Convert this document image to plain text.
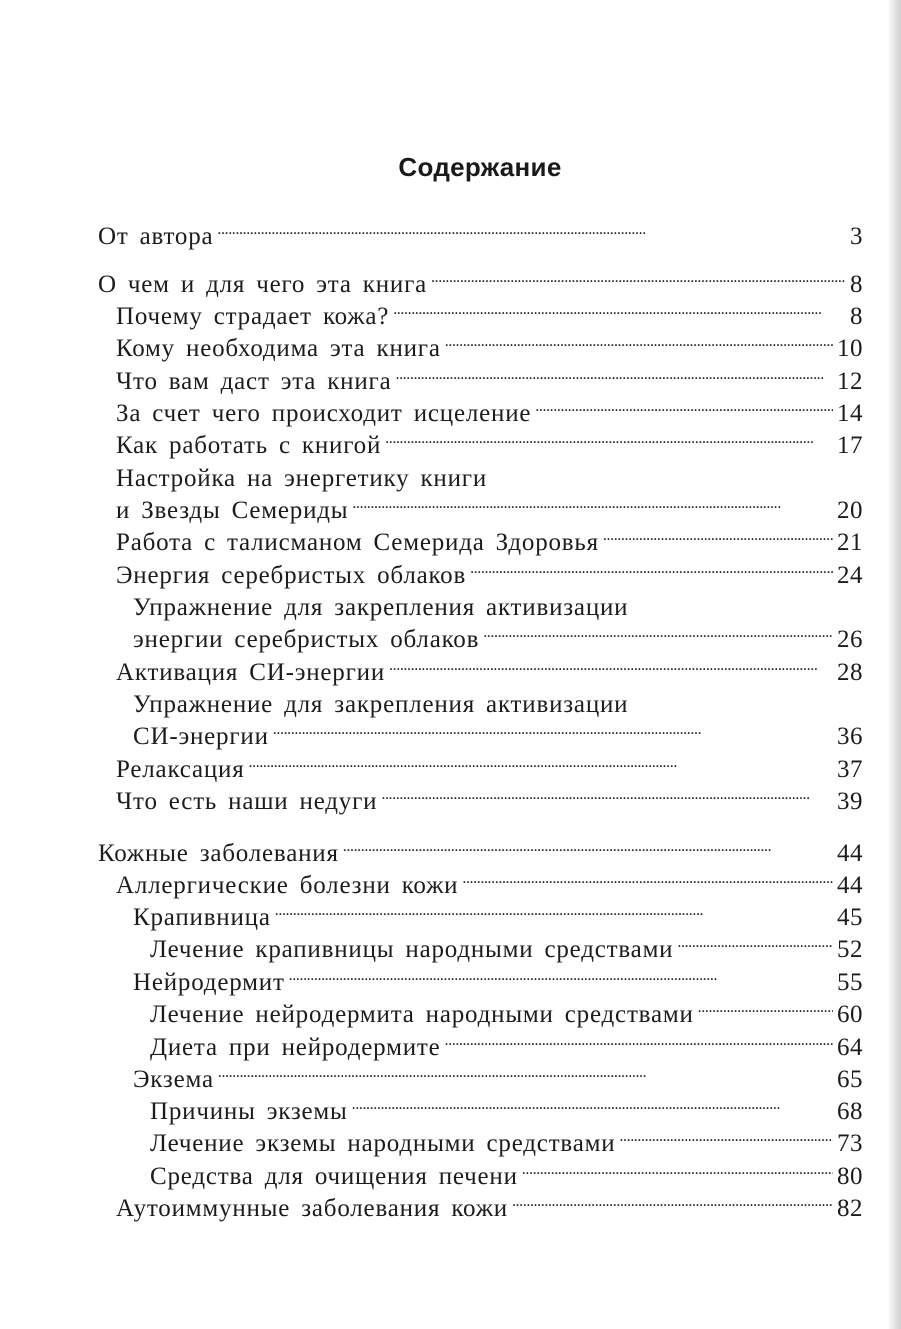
Содержание
От автора . . .	3
О чем и для чего эта книга . . .	8
Почему страдает кожа? . . .	8
Кому необходима эта книга . . .	10
Что вам даст эта книга . . .	12
За счет чего происходит исцеление . . .	14
Как работать с книгой . . .	17
Настройка на энергетику книги
и Звезды Семериды . . .	20
Работа с талисманом Семерида Здоровья . . .	21
Энергия серебристых облаков . . .	24
Упражнение для закрепления активизации
энергии серебристых облаков . . .	26
Активация СИ-энергии . . .	28
Упражнение для закрепления активизации
СИ-энергии . . .	36
Релаксация . . .	37
Что есть наши недуги . . .	39
Кожные заболевания . . .	44
Аллергические болезни кожи . . .	44
Крапивница . . .	45
Лечение крапивницы народными средствами . . .	52
Нейродермит . . .	55
Лечение нейродермита народными средствами . . .	60
Диета при нейродермите . . .	64
Экзема . . .	65
Причины экземы . . .	68
Лечение экземы народными средствами . . .	73
Средства для очищения печени . . .	80
Аутоиммунные заболевания кожи . . .	82
